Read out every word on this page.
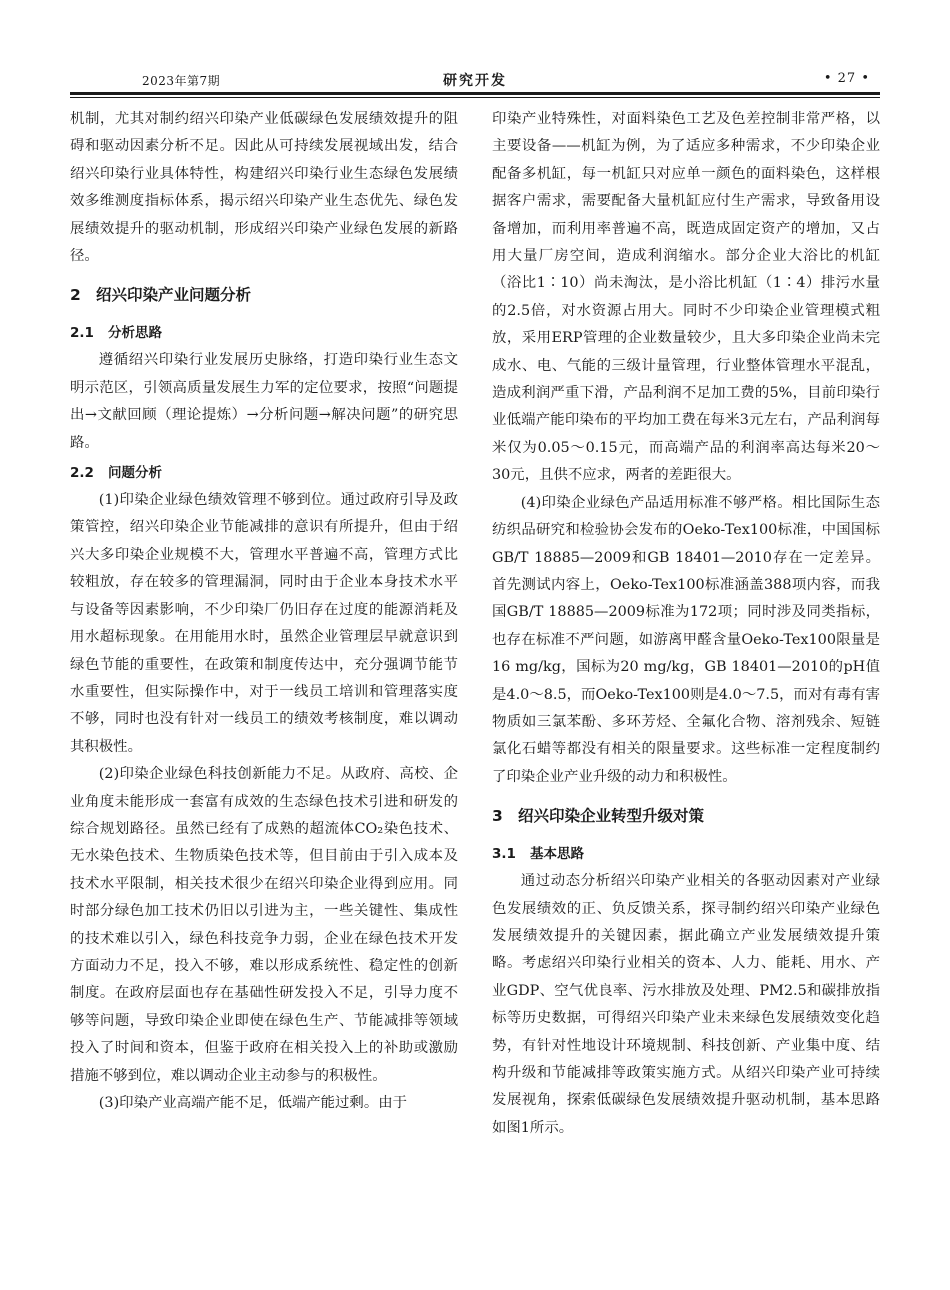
2023年第7期	研究开发	• 27 •

机制，尤其对制约绍兴印染产业低碳绿色发展绩效提升的阻碍和驱动因素分析不足。因此从可持续发展视域出发，结合绍兴印染行业具体特性，构建绍兴印染行业生态绿色发展绩效多维测度指标体系，揭示绍兴印染产业生态优先、绿色发展绩效提升的驱动机制，形成绍兴印染产业绿色发展的新路径。

2 绍兴印染产业问题分析
2.1 分析思路

遵循绍兴印染行业发展历史脉络，打造印染行业生态文明示范区，引领高质量发展生力军的定位要求，按照“问题提出→文献回顾（理论提炼）→分析问题→解决问题”的研究思路。

2.2 问题分析

(1)印染企业绿色绩效管理不够到位。通过政府引导及政策管控，绍兴印染企业节能减排的意识有所提升，但由于绍兴大多印染企业规模不大，管理水平普遍不高，管理方式比较粗放，存在较多的管理漏洞，同时由于企业本身技术水平与设备等因素影响，不少印染厂仍旧存在过度的能源消耗及用水超标现象。在用能用水时，虽然企业管理层早就意识到绿色节能的重要性，在政策和制度传达中，充分强调节能节水重要性，但实际操作中，对于一线员工培训和管理落实度不够，同时也没有针对一线员工的绩效考核制度，难以调动其积极性。

(2)印染企业绿色科技创新能力不足。从政府、高校、企业角度未能形成一套富有成效的生态绿色技术引进和研发的综合规划路径。虽然已经有了成熟的超流体CO₂染色技术、无水染色技术、生物质染色技术等，但目前由于引入成本及技术水平限制，相关技术很少在绍兴印染企业得到应用。同时部分绿色加工技术仍旧以引进为主，一些关键性、集成性的技术难以引入，绿色科技竞争力弱，企业在绿色技术开发方面动力不足，投入不够，难以形成系统性、稳定性的创新制度。在政府层面也存在基础性研发投入不足，引导力度不够等问题，导致印染企业即使在绿色生产、节能减排等领域投入了时间和资本，但鉴于政府在相关投入上的补助或激励措施不够到位，难以调动企业主动参与的积极性。

(3)印染产业高端产能不足，低端产能过剩。由于

印染产业特殊性，对面料染色工艺及色差控制非常严格，以主要设备——机缸为例，为了适应多种需求，不少印染企业配备多机缸，每一机缸只对应单一颜色的面料染色，这样根据客户需求，需要配备大量机缸应付生产需求，导致备用设备增加，而利用率普遍不高，既造成固定资产的增加，又占用大量厂房空间，造成利润缩水。部分企业大浴比的机缸（浴比1∶10）尚未淘汰，是小浴比机缸（1∶4）排污水量的2.5倍，对水资源占用大。同时不少印染企业管理模式粗放，采用ERP管理的企业数量较少，且大多印染企业尚未完成水、电、气能的三级计量管理，行业整体管理水平混乱，造成利润严重下滑，产品利润不足加工费的5%，目前印染行业低端产能印染布的平均加工费在每米3元左右，产品利润每米仅为0.05～0.15元，而高端产品的利润率高达每米20～30元，且供不应求，两者的差距很大。

(4)印染企业绿色产品适用标准不够严格。相比国际生态纺织品研究和检验协会发布的Oeko-Tex100标准，中国国标GB/T 18885—2009和GB 18401—2010存在一定差异。首先测试内容上，Oeko-Tex100标准涵盖388项内容，而我国GB/T 18885—2009标准为172项；同时涉及同类指标，也存在标准不严问题，如游离甲醛含量Oeko-Tex100限量是16 mg/kg，国标为20 mg/kg，GB 18401—2010的pH值是4.0～8.5，而Oeko-Tex100则是4.0～7.5，而对有毒有害物质如三氯苯酚、多环芳烃、全氟化合物、溶剂残余、短链氯化石蜡等都没有相关的限量要求。这些标准一定程度制约了印染企业产业升级的动力和积极性。

3 绍兴印染企业转型升级对策
3.1 基本思路

通过动态分析绍兴印染产业相关的各驱动因素对产业绿色发展绩效的正、负反馈关系，探寻制约绍兴印染产业绿色发展绩效提升的关键因素，据此确立产业发展绩效提升策略。考虑绍兴印染行业相关的资本、人力、能耗、用水、产业GDP、空气优良率、污水排放及处理、PM2.5和碳排放指标等历史数据，可得绍兴印染产业未来绿色发展绩效变化趋势，有针对性地设计环境规制、科技创新、产业集中度、结构升级和节能减排等政策实施方式。从绍兴印染产业可持续发展视角，探索低碳绿色发展绩效提升驱动机制，基本思路如图1所示。
